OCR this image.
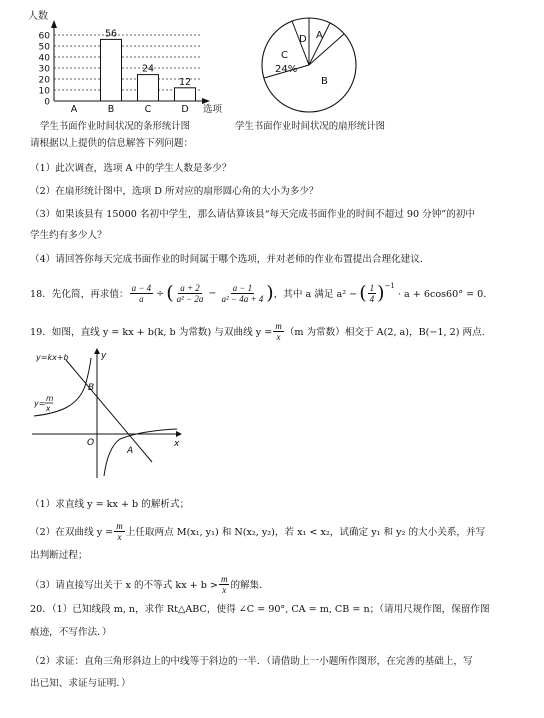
人数
选项
60
50
40
30
20
10
0
56
24
12
A	B	C	D
学生书面作业时间状况的条形统计图
A
D
C
24%
B
学生书面作业时间状况的扇形统计图
请根据以上提供的信息解答下列问题：
（1）此次调查，选项 A 中的学生人数是多少？
（2）在扇形统计图中，选项 D 所对应的扇形圆心角的大小为多少？
（3）如果该县有 15000 名初中学生，那么请估算该县“每天完成书面作业的时间不超过 90 分钟”的初中
学生约有多少人？
（4）请回答你每天完成书面作业的时间属于哪个选项，并对老师的作业布置提出合理化建议．
18．先化简，再求值： $\frac{a - 4}{a}$ ÷ ( $\frac{a + 2}{\text{a² − 2a}} - \frac{a - 1}{\text{a² − 4a + 4}}$ ) ，其中 a 满足 a² − ( $\frac{1}{4} )^{-1}$
· a + 6cos60° = 0．
19．如图，直线 y = kx + b(k, b 为常数) 与双曲线 $y = \frac{m}{x} (m$ 为常数）相交于 A(2, a)，B(−1, 2) 两点．
y
x
O
y=kx+b
y=
m
x
B
A
（1）求直线 y = kx + b 的解析式；
（2）在双曲线 $y = \frac{m}{x}$ 上任取两点 M(x₁, y₁) 和 N(x₂, y₂)，若 x₁ < x₂，试确定 y₁ 和 y₂ 的大小关系，并写
出判断过程；
（3）请直接写出关于 x 的不等式 kx + $b > \frac{m}{x}$ 的解集．
20．（1）已知线段 m, n，求作 Rt△ABC，使得 ∠C = 90°, CA = m, CB = n；（请用尺规作图，保留作图
痕迹，不写作法．）
（2）求证：直角三角形斜边上的中线等于斜边的一半．（请借助上一小题所作图形，在完善的基础上，写
出已知、求证与证明．）
